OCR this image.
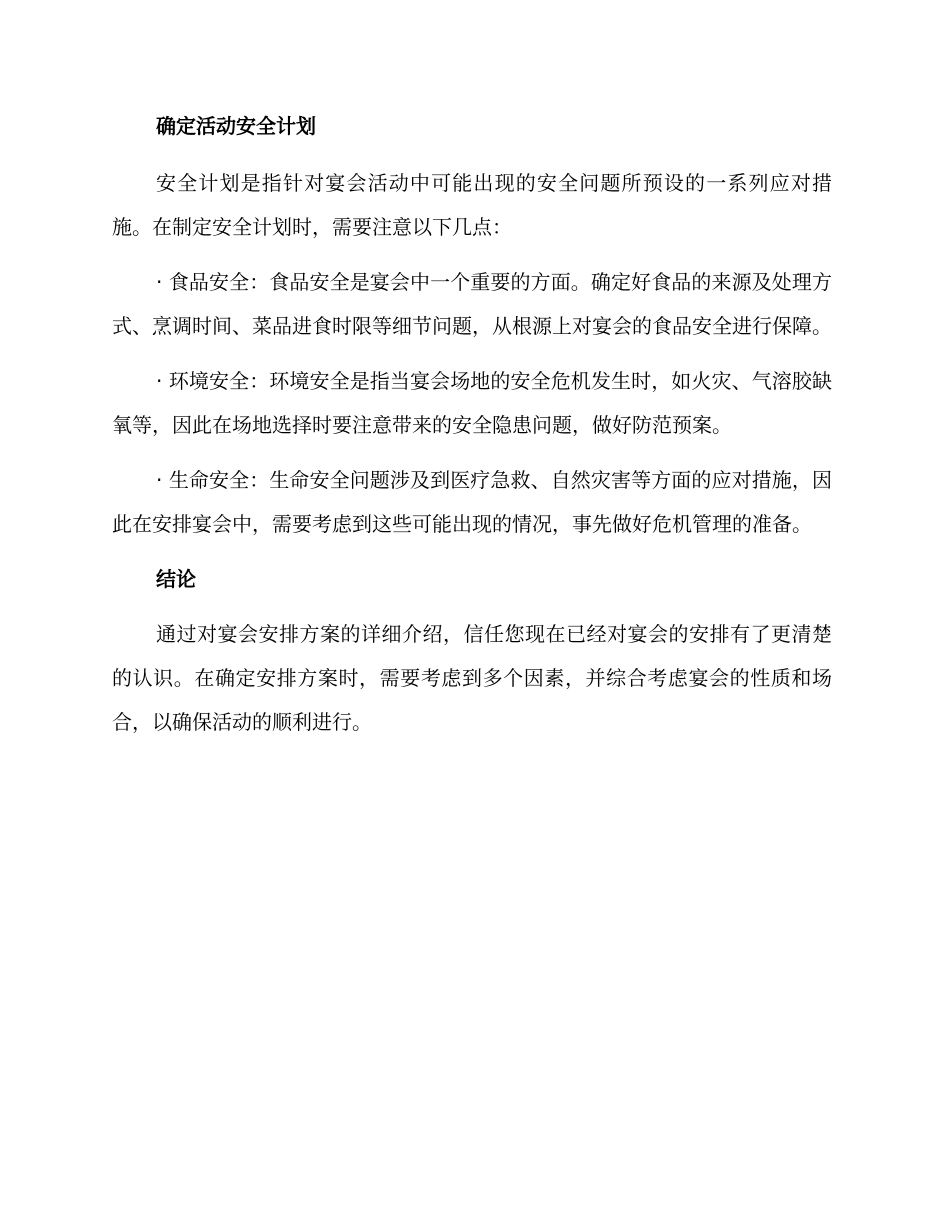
确定活动安全计划

安全计划是指针对宴会活动中可能出现的安全问题所预设的一系列应对措施。在制定安全计划时，需要注意以下几点：

· 食品安全：食品安全是宴会中一个重要的方面。确定好食品的来源及处理方式、烹调时间、菜品进食时限等细节问题，从根源上对宴会的食品安全进行保障。

· 环境安全：环境安全是指当宴会场地的安全危机发生时，如火灾、气溶胶缺氧等，因此在场地选择时要注意带来的安全隐患问题，做好防范预案。

· 生命安全：生命安全问题涉及到医疗急救、自然灾害等方面的应对措施，因此在安排宴会中，需要考虑到这些可能出现的情况，事先做好危机管理的准备。

结论

通过对宴会安排方案的详细介绍，信任您现在已经对宴会的安排有了更清楚的认识。在确定安排方案时，需要考虑到多个因素，并综合考虑宴会的性质和场合，以确保活动的顺利进行。
